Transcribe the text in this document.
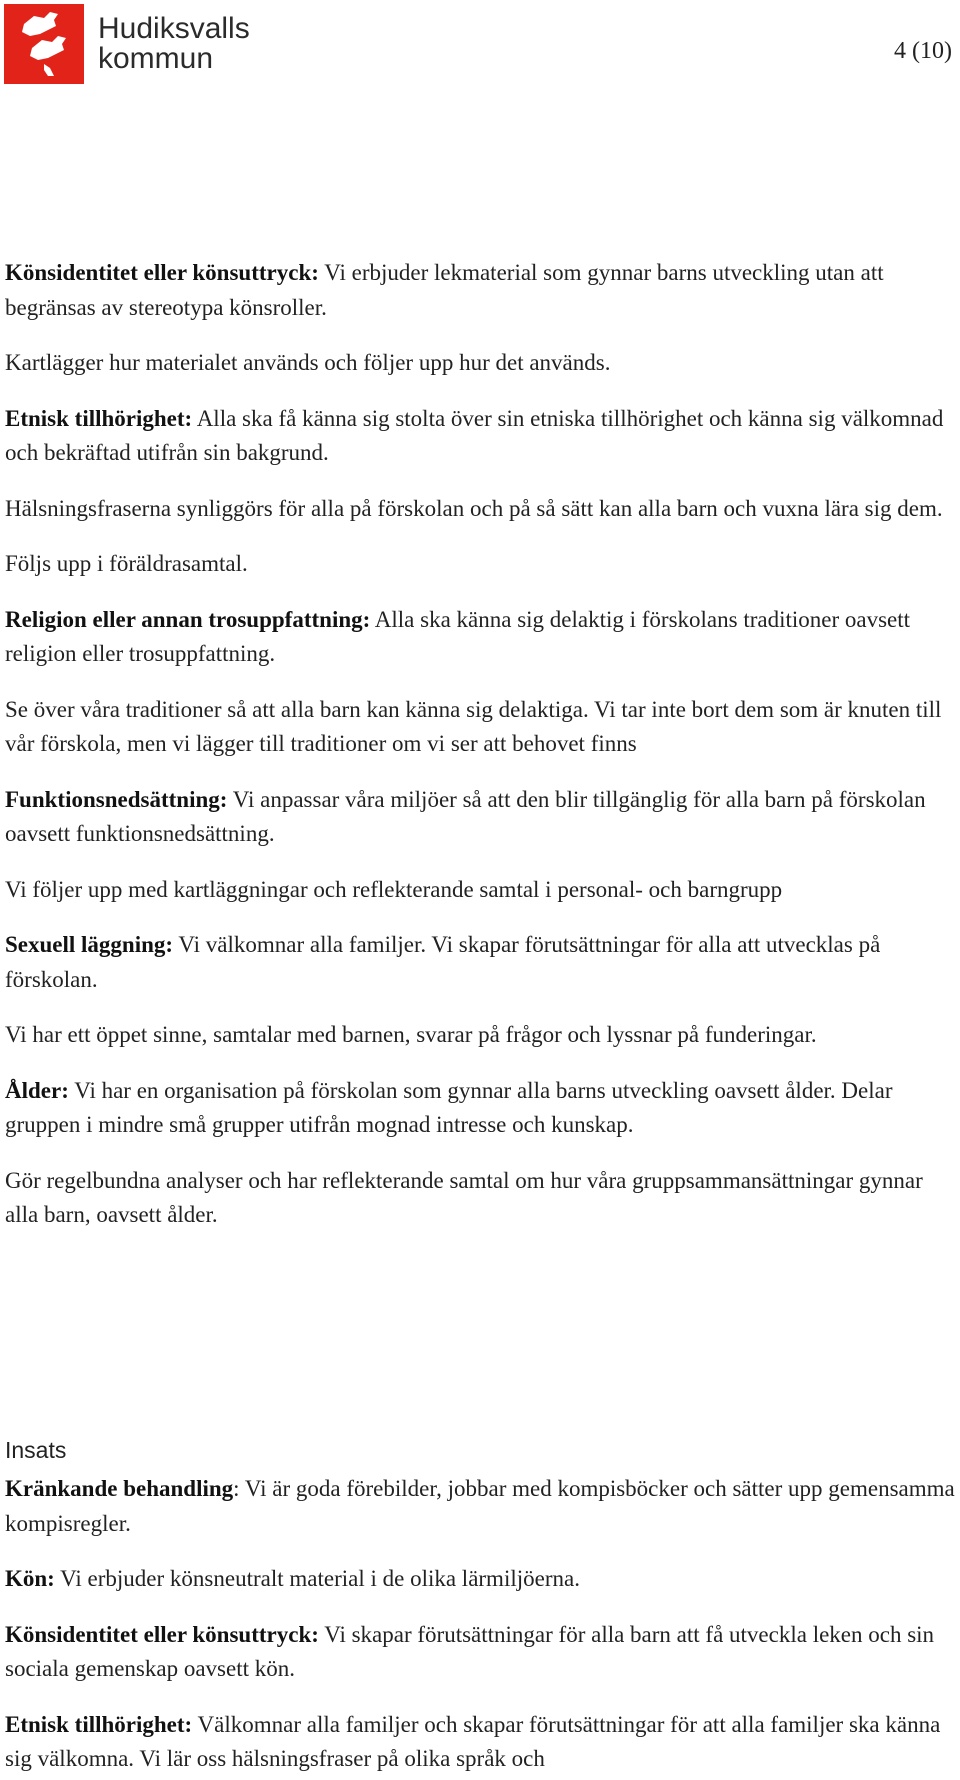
Hudiksvalls
kommun	4 (10)

Könsidentitet eller könsuttryck: Vi erbjuder lekmaterial som gynnar barns utveckling utan att begränsas av stereotypa könsroller.

Kartlägger hur materialet används och följer upp hur det används.

Etnisk tillhörighet: Alla ska få känna sig stolta över sin etniska tillhörighet och känna sig välkomnad och bekräftad utifrån sin bakgrund.

Hälsningsfraserna synliggörs för alla på förskolan och på så sätt kan alla barn och vuxna lära sig dem.

Följs upp i föräldrasamtal.

Religion eller annan trosuppfattning: Alla ska känna sig delaktig i förskolans traditioner oavsett religion eller trosuppfattning.

Se över våra traditioner så att alla barn kan känna sig delaktiga. Vi tar inte bort dem som är knuten till vår förskola, men vi lägger till traditioner om vi ser att behovet finns

Funktionsnedsättning: Vi anpassar våra miljöer så att den blir tillgänglig för alla barn på förskolan oavsett funktionsnedsättning.

Vi följer upp med kartläggningar och reflekterande samtal i personal- och barngrupp

Sexuell läggning: Vi välkomnar alla familjer. Vi skapar förutsättningar för alla att utvecklas på förskolan.

Vi har ett öppet sinne, samtalar med barnen, svarar på frågor och lyssnar på funderingar.

Ålder: Vi har en organisation på förskolan som gynnar alla barns utveckling oavsett ålder. Delar gruppen i mindre små grupper utifrån mognad intresse och kunskap.

Gör regelbundna analyser och har reflekterande samtal om hur våra gruppsammansättningar gynnar alla barn, oavsett ålder.

Insats

Kränkande behandling: Vi är goda förebilder, jobbar med kompisböcker och sätter upp gemensamma kompisregler.

Kön: Vi erbjuder könsneutralt material i de olika lärmiljöerna.

Könsidentitet eller könsuttryck: Vi skapar förutsättningar för alla barn att få utveckla leken och sin sociala gemenskap oavsett kön.

Etnisk tillhörighet: Välkomnar alla familjer och skapar förutsättningar för att alla familjer ska känna sig välkomna. Vi lär oss hälsningsfraser på olika språk och
